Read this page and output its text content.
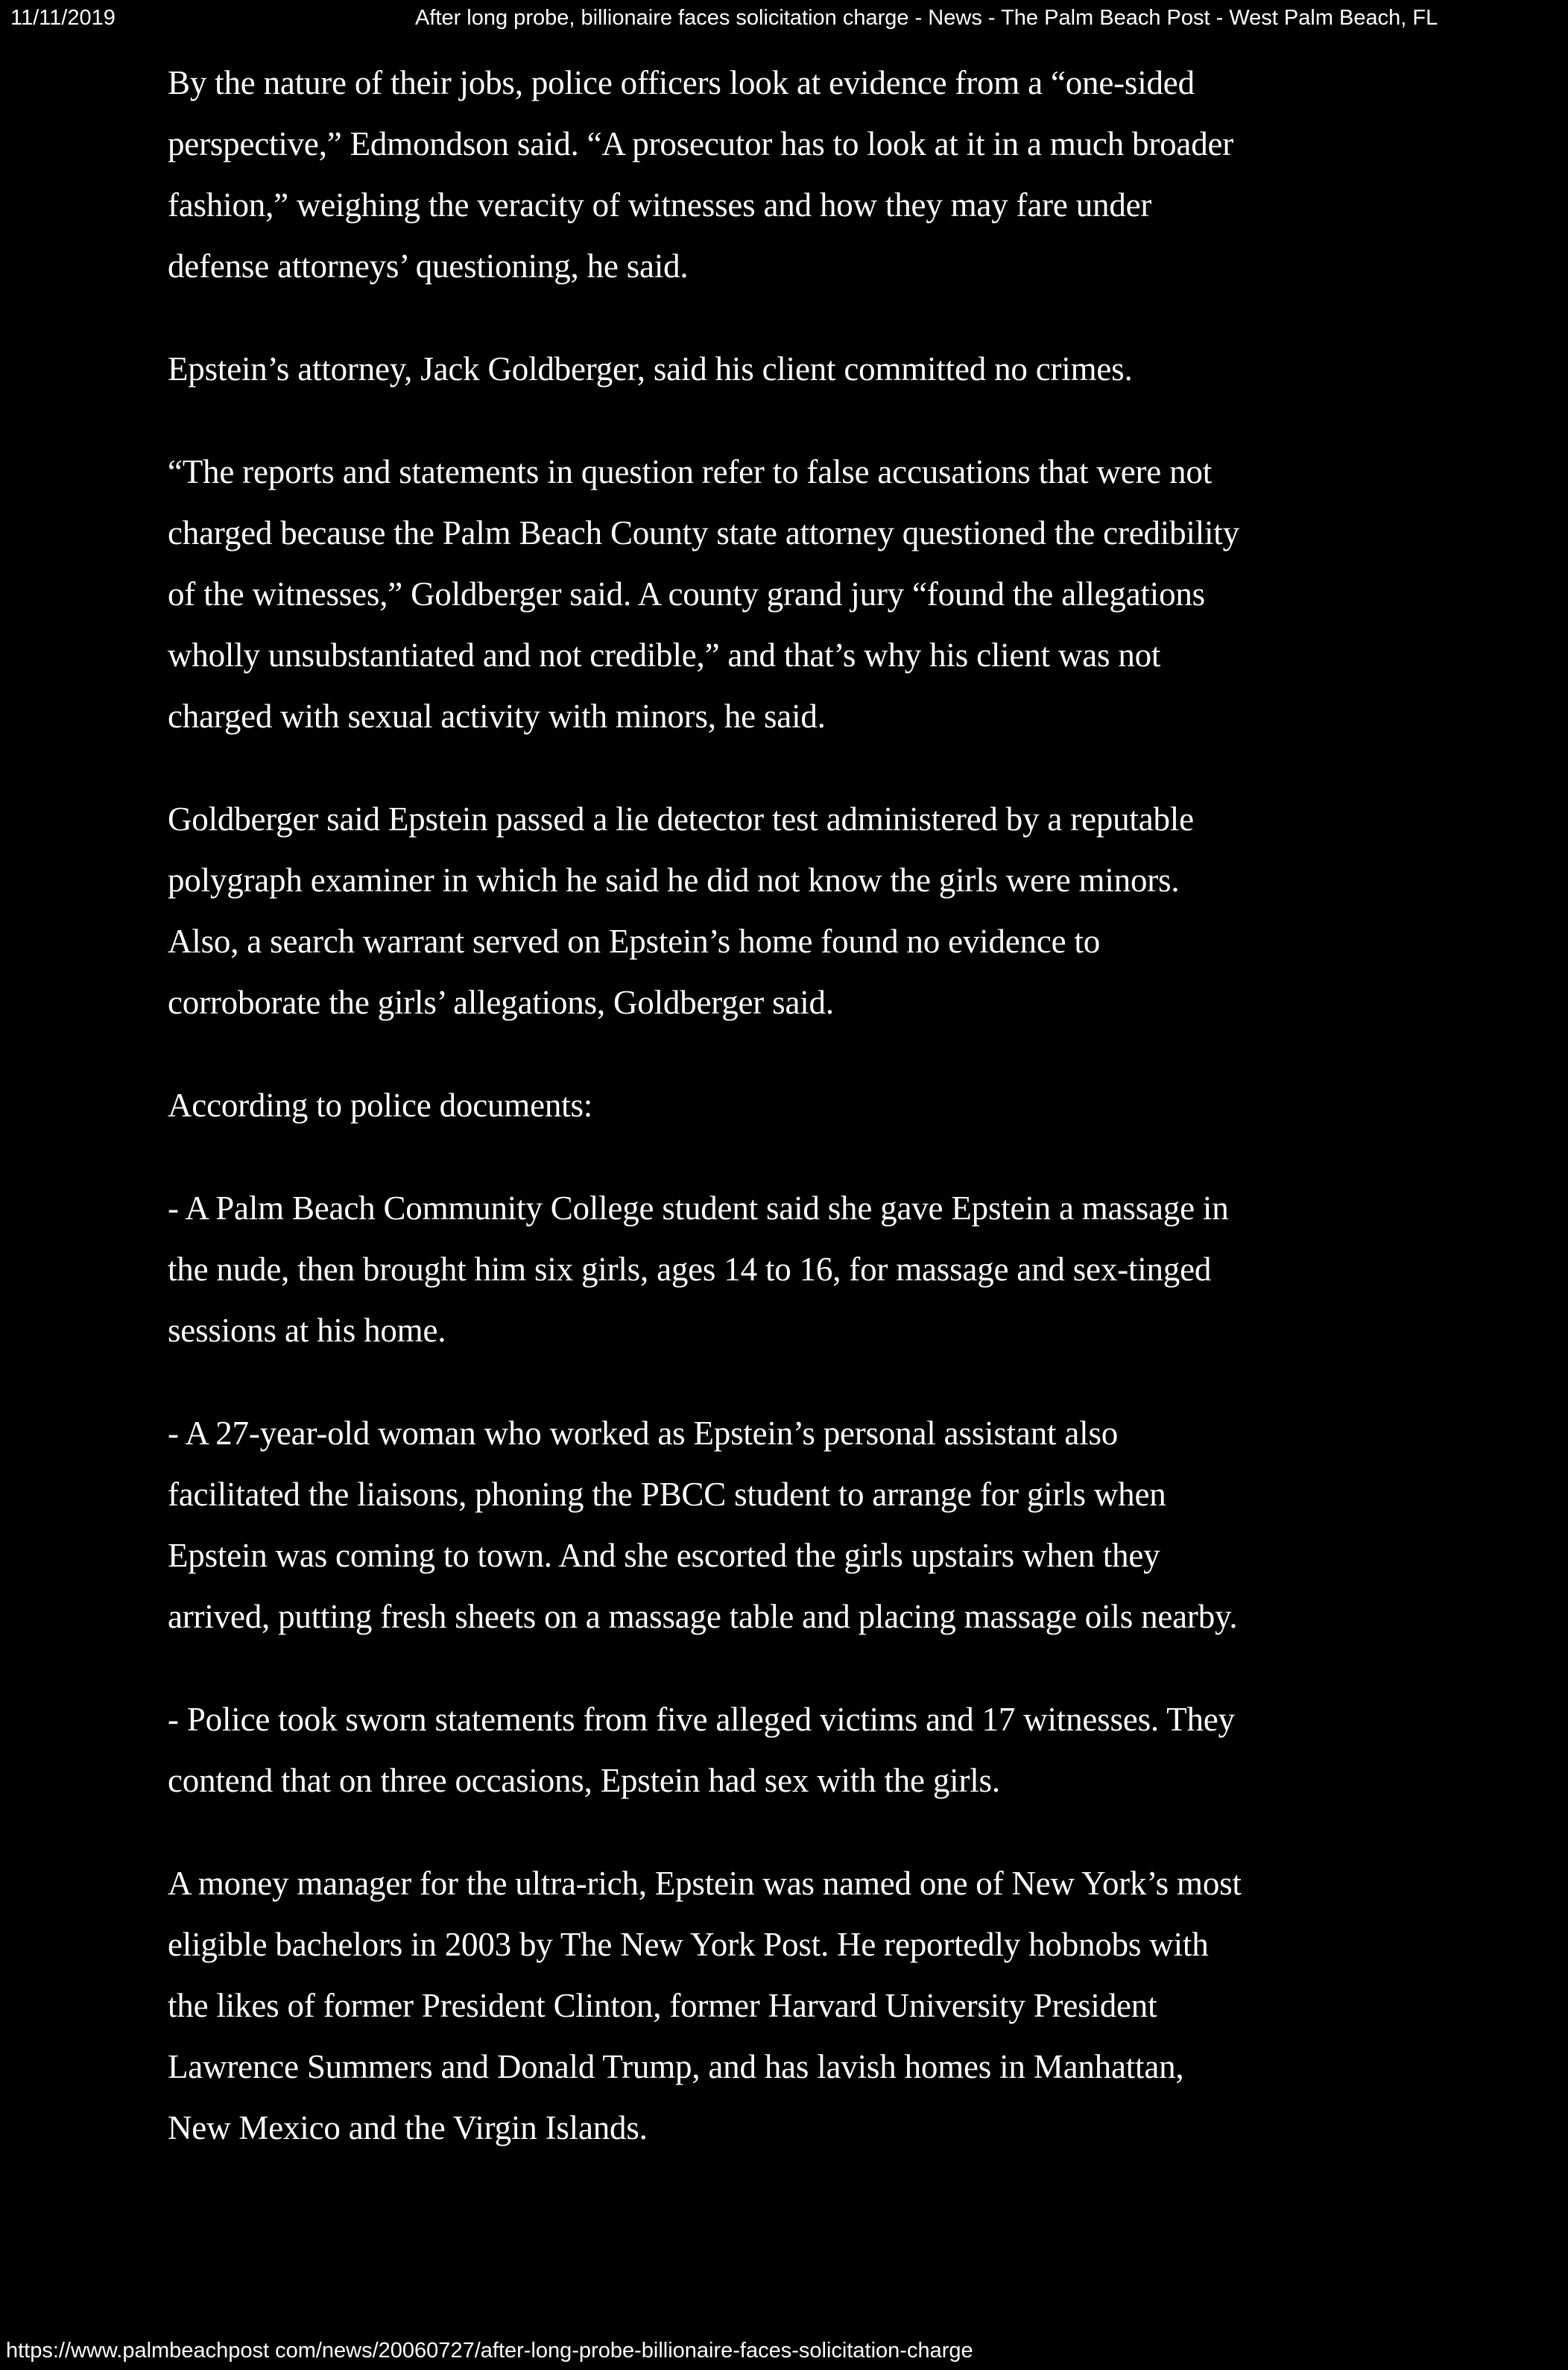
11/11/2019	After long probe, billionaire faces solicitation charge - News - The Palm Beach Post - West Palm Beach, FL

By the nature of their jobs, police officers look at evidence from a “one-sided
perspective,” Edmondson said. “A prosecutor has to look at it in a much broader
fashion,” weighing the veracity of witnesses and how they may fare under
defense attorneys’ questioning, he said.

Epstein’s attorney, Jack Goldberger, said his client committed no crimes.

“The reports and statements in question refer to false accusations that were not
charged because the Palm Beach County state attorney questioned the credibility
of the witnesses,” Goldberger said. A county grand jury “found the allegations
wholly unsubstantiated and not credible,” and that’s why his client was not
charged with sexual activity with minors, he said.

Goldberger said Epstein passed a lie detector test administered by a reputable
polygraph examiner in which he said he did not know the girls were minors.
Also, a search warrant served on Epstein’s home found no evidence to
corroborate the girls’ allegations, Goldberger said.

According to police documents:

- A Palm Beach Community College student said she gave Epstein a massage in
the nude, then brought him six girls, ages 14 to 16, for massage and sex-tinged
sessions at his home.

- A 27-year-old woman who worked as Epstein’s personal assistant also
facilitated the liaisons, phoning the PBCC student to arrange for girls when
Epstein was coming to town. And she escorted the girls upstairs when they
arrived, putting fresh sheets on a massage table and placing massage oils nearby.

- Police took sworn statements from five alleged victims and 17 witnesses. They
contend that on three occasions, Epstein had sex with the girls.

A money manager for the ultra-rich, Epstein was named one of New York’s most
eligible bachelors in 2003 by The New York Post. He reportedly hobnobs with
the likes of former President Clinton, former Harvard University President
Lawrence Summers and Donald Trump, and has lavish homes in Manhattan,
New Mexico and the Virgin Islands.

https://www.palmbeachpost com/news/20060727/after-long-probe-billionaire-faces-solicitation-charge
